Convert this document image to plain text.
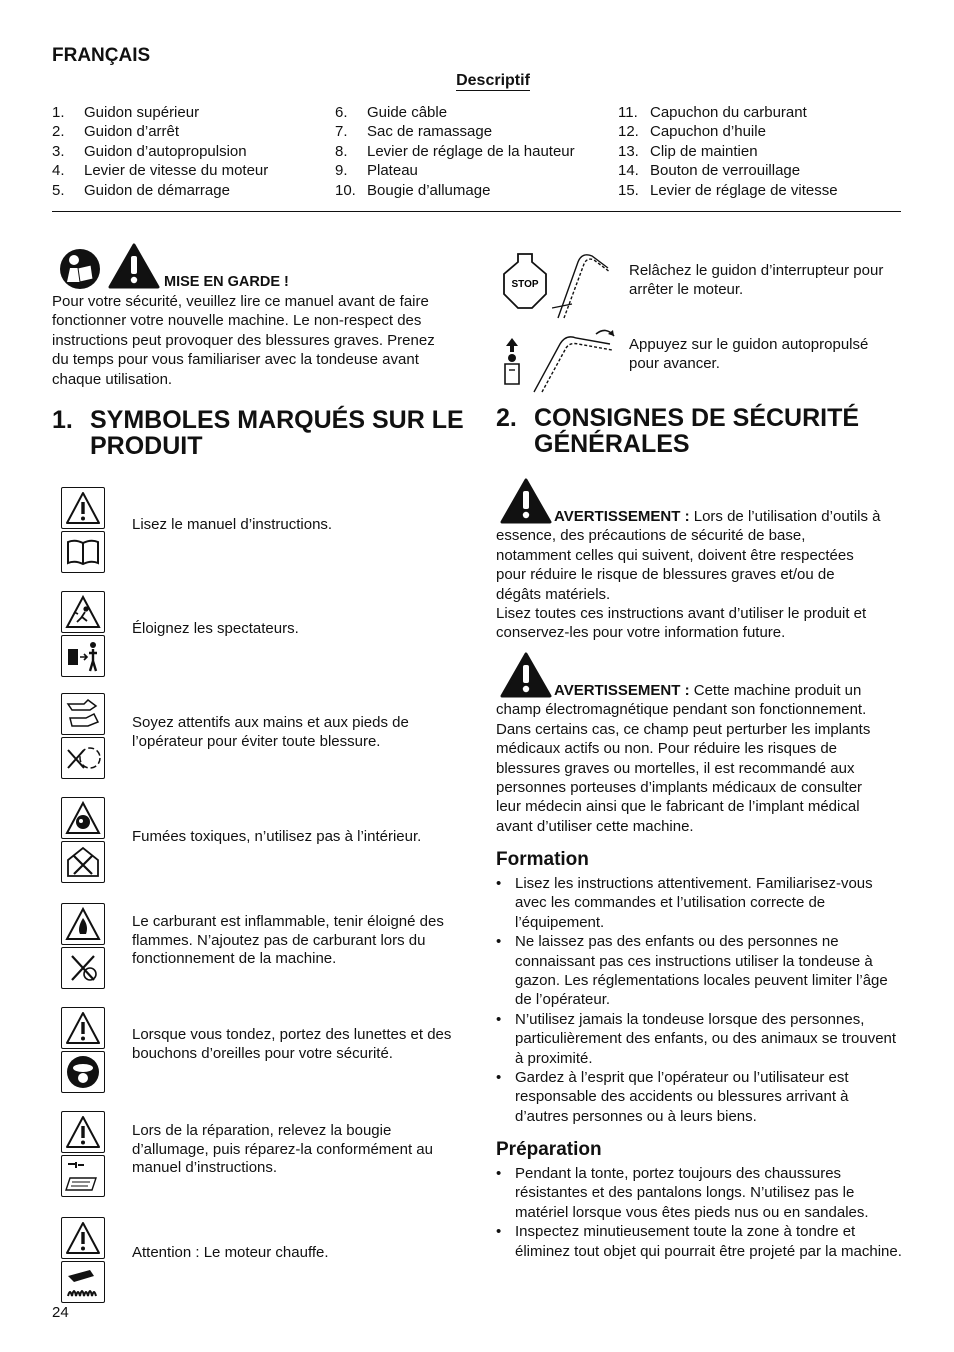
FRANÇAIS
Descriptif
1.	Guidon supérieur
2.	Guidon d’arrêt
3.	Guidon d’autopropulsion
4.	Levier de vitesse du moteur
5.	Guidon de démarrage
6.	Guide câble
7.	Sac de ramassage
8.	Levier de réglage de la hauteur
9.	Plateau
10. Bougie d’allumage
11. Capuchon du carburant
12. Capuchon d’huile
13. Clip de maintien
14. Bouton de verrouillage
15. Levier de réglage de vitesse
MISE EN GARDE !
Pour votre sécurité, veuillez lire ce manuel avant de faire
fonctionner votre nouvelle machine. Le non-respect des
instructions peut provoquer des blessures graves. Prenez
du temps pour vous familiariser avec la tondeuse avant
chaque utilisation.
STOP
Relâchez le guidon d’interrupteur pour
arrêter le moteur.
Appuyez sur le guidon autopropulsé
pour avancer.
1. SYMBOLES MARQUÉS SUR LE PRODUIT
Lisez le manuel d’instructions.
Éloignez les spectateurs.
Soyez attentifs aux mains et aux pieds de l’opérateur pour éviter toute blessure.
Fumées toxiques, n’utilisez pas à l’intérieur.
Le carburant est inflammable, tenir éloigné des flammes. N’ajoutez pas de carburant lors du fonctionnement de la machine.
Lorsque vous tondez, portez des lunettes et des bouchons d’oreilles pour votre sécurité.
Lors de la réparation, relevez la bougie d’allumage, puis réparez-la conformément au manuel d’instructions.
Attention : Le moteur chauffe.
2. CONSIGNES DE SÉCURITÉ GÉNÉRALES
AVERTISSEMENT : Lors de l’utilisation d’outils à
essence, des précautions de sécurité de base,
notamment celles qui suivent, doivent être respectées
pour réduire le risque de blessures graves et/ou de
dégâts matériels.
Lisez toutes ces instructions avant d’utiliser le produit et
conservez-les pour votre information future.
AVERTISSEMENT : Cette machine produit un
champ électromagnétique pendant son fonctionnement.
Dans certains cas, ce champ peut perturber les implants
médicaux actifs ou non. Pour réduire les risques de
blessures graves ou mortelles, il est recommandé aux
personnes porteuses d’implants médicaux de consulter
leur médecin ainsi que le fabricant de l’implant médical
avant d’utiliser cette machine.
Formation
• Lisez les instructions attentivement. Familiarisez-vous avec les commandes et l’utilisation correcte de l’équipement.
• Ne laissez pas des enfants ou des personnes ne connaissant pas ces instructions utiliser la tondeuse à gazon. Les réglementations locales peuvent limiter l’âge de l’opérateur.
• N’utilisez jamais la tondeuse lorsque des personnes, particulièrement des enfants, ou des animaux se trouvent à proximité.
• Gardez à l’esprit que l’opérateur ou l’utilisateur est responsable des accidents ou blessures arrivant à d’autres personnes ou à leurs biens.
Préparation
• Pendant la tonte, portez toujours des chaussures résistantes et des pantalons longs. N’utilisez pas le matériel lorsque vous êtes pieds nus ou en sandales.
• Inspectez minutieusement toute la zone à tondre et éliminez tout objet qui pourrait être projeté par la machine.
24
